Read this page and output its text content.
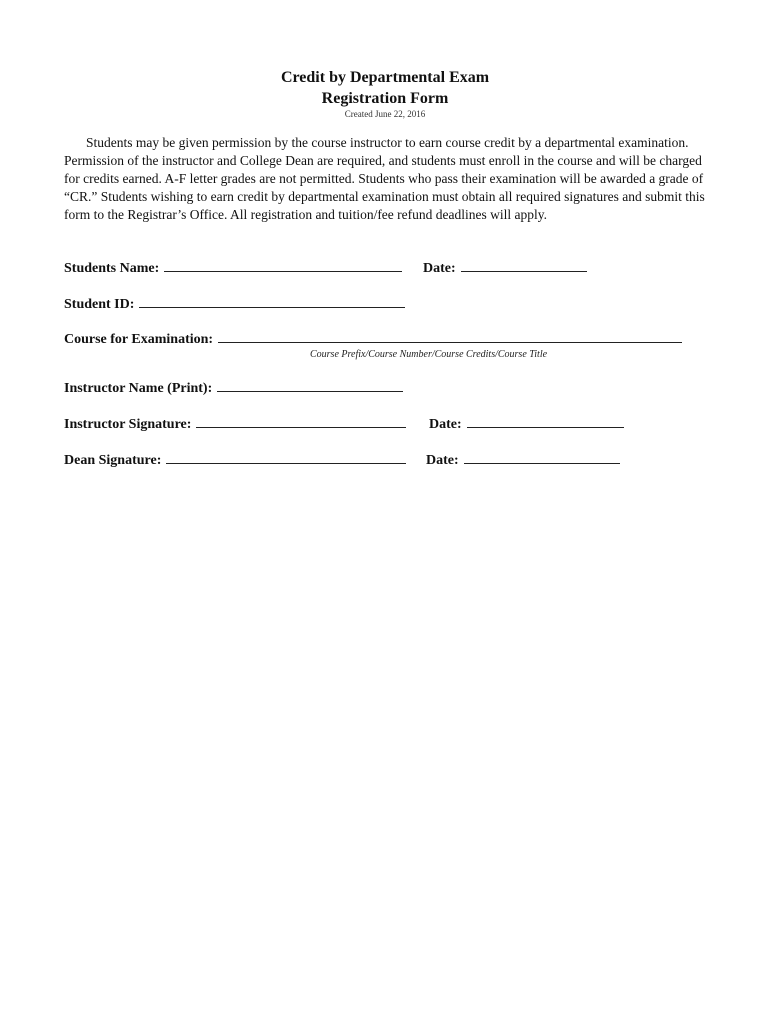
Credit by Departmental Exam
Registration Form
Created June 22, 2016

Students may be given permission by the course instructor to earn course credit by a departmental examination. Permission of the instructor and College Dean are required, and students must enroll in the course and will be charged for credits earned. A-F letter grades are not permitted. Students who pass their examination will be awarded a grade of “CR.” Students wishing to earn credit by departmental examination must obtain all required signatures and submit this form to the Registrar’s Office. All registration and tuition/fee refund deadlines will apply.

Students Name:	Date:
Student ID:
Course for Examination:
Course Prefix/Course Number/Course Credits/Course Title
Instructor Name (Print):
Instructor Signature:	Date:
Dean Signature:	Date:
